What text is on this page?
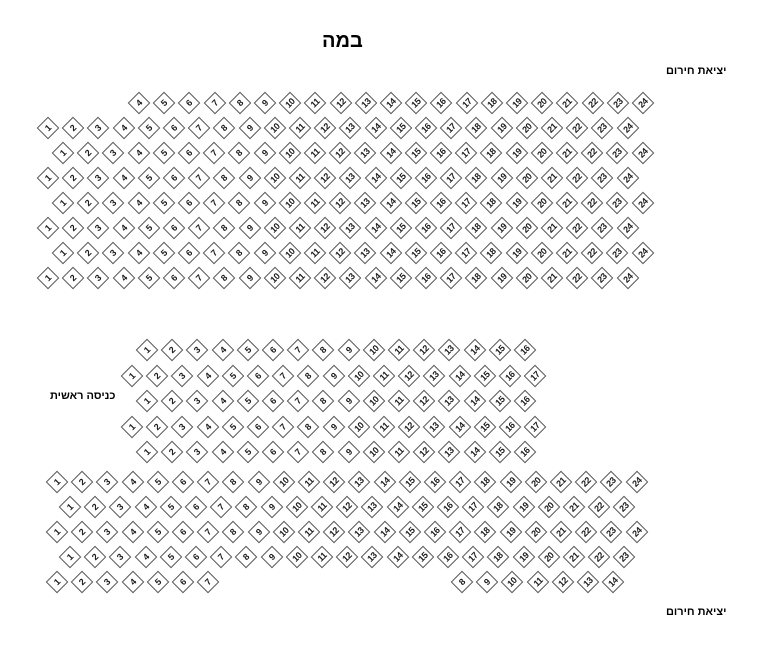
במה
יציאת חירום
כניסה ראשית
יציאת חירום
4 5 6 7 8 9 10 11 12 13 14 15 16 17 18 19 20 21 22 23 24
1 2 3 4 5 6 7 8 9 10 11 12 13 14 15 16 17 18 19 20 21 22 23 24
1 2 3 4 5 6 7 8 9 10 11 12 13 14 15 16 17 18 19 20 21 22 23 24
1 2 3 4 5 6 7 8 9 10 11 12 13 14 15 16 17 18 19 20 21 22 23 24
1 2 3 4 5 6 7 8 9 10 11 12 13 14 15 16 17 18 19 20 21 22 23 24
1 2 3 4 5 6 7 8 9 10 11 12 13 14 15 16 17 18 19 20 21 22 23 24
1 2 3 4 5 6 7 8 9 10 11 12 13 14 15 16 17 18 19 20 21 22 23 24
1 2 3 4 5 6 7 8 9 10 11 12 13 14 15 16 17 18 19 20 21 22 23 24
1 2 3 4 5 6 7 8 9 10 11 12 13 14 15 16
1 2 3 4 5 6 7 8 9 10 11 12 13 14 15 16 17
1 2 3 4 5 6 7 8 9 10 11 12 13 14 15 16
1 2 3 4 5 6 7 8 9 10 11 12 13 14 15 16 17
1 2 3 4 5 6 7 8 9 10 11 12 13 14 15 16
1 2 3 4 5 6 7 8 9 10 11 12 13 14 15 16 17 18 19 20 21 22 23 24
1 2 3 4 5 6 7 8 9 10 11 12 13 14 15 16 17 18 19 20 21 22 23
1 2 3 4 5 6 7 8 9 10 11 12 13 14 15 16 17 18 19 20 21 22 23 24
1 2 3 4 5 6 7 8 9 10 11 12 13 14 15 16 17 18 19 20 21 22 23
1 2 3 4 5 6 7	8 9 10 11 12 13 14
